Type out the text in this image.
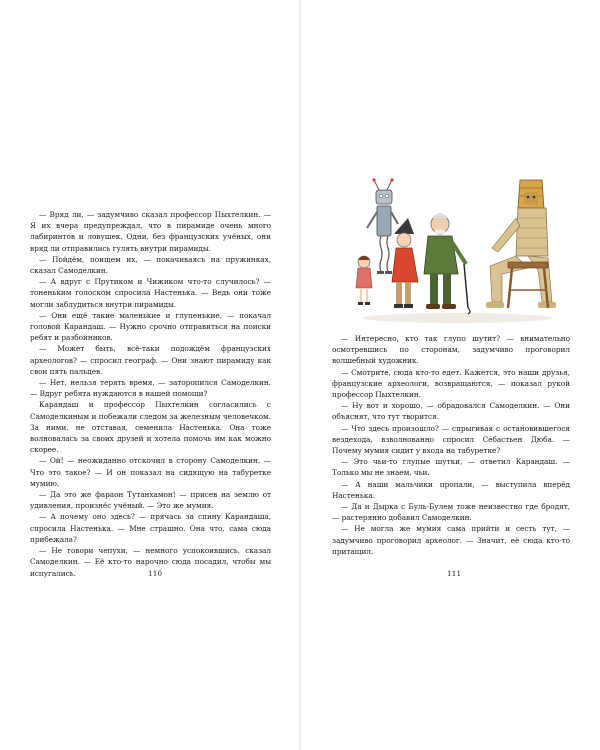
— Вряд ли, — задумчиво сказал профессор Пыхтелкин. — Я их вчера предупреждал, что в пирамиде очень много лабиринтов и ловушек. Одни, без французских учёных, они вряд ли отправились гулять внутри пирамиды.

— Пойдём, поищем их, — покачиваясь на пружинках, сказал Самоделкин.

— А вдруг с Прутиком и Чижиком что-то случилось? — тоненьким голоском спросила Настенька. — Ведь они тоже могли заблудиться внутри пирамиды.

— Они ещё такие маленькие и глупенькие, — покачал головой Карандаш. — Нужно срочно отправиться на поиски ребят и разбойников.

— Может быть, всё-таки подождём французских археологов? — спросил географ. — Они знают пирамиду как свои пять пальцев.

— Нет, нельзя терять время, — заторопился Самоделкин. — Вдруг ребята нуждаются в нашей помощи?

Карандаш и профессор Пыхтелкин согласились с Самоделкиным и побежали следом за железным человечком. За ними, не отставая, семенила Настенька. Она тоже волновалась за своих друзей и хотела помочь им как можно скорее.

— Ой! — неожиданно отскочил в сторону Самоделкин. — Что это такое? — И он показал на сидящую на табуретке мумию.

— Да это же фараон Тутанхамон! — присев на землю от удивления, произнёс учёный. — Это же мумия.

— А почему оно здесь? — прячась за спину Карандаша, спросила Настенька. — Мне страшно. Она что, сама сюда прибежала?

— Не говори чепухи, — немного успокоившись, сказал Самоделкин. — Её кто-то нарочно сюда посадил, чтобы мы испугались.	110

— Интересно, кто так глупо шутит? — внимательно осмотревшись по сторонам, задумчиво проговорил волшебный художник.

— Смотрите, сюда кто-то едет. Кажется, это наши друзья, французские археологи, возвращаются, — показал рукой профессор Пыхтелкин.

— Ну вот и хорошо, — обрадовался Самоделкин. — Они объяснят, что тут творится.

— Что здесь произошло? — спрыгивая с остановившегося вездехода, взволнованно спросил Себастьен Дюба. — Почему мумия сидит у входа на табуретке?

— Это чьи-то глупые шутки, — ответил Карандаш. — Только мы не знаем, чьи.

— А наши мальчики пропали, — выступила вперёд Настенька.

— Да и Дырка с Буль-Булем тоже неизвестно где бродят, — растерянно добавил Самоделкин.

— Не могла же мумия сама прийти и сесть тут, — задумчиво проговорил археолог. — Значит, её сюда кто-то притащил.

111
